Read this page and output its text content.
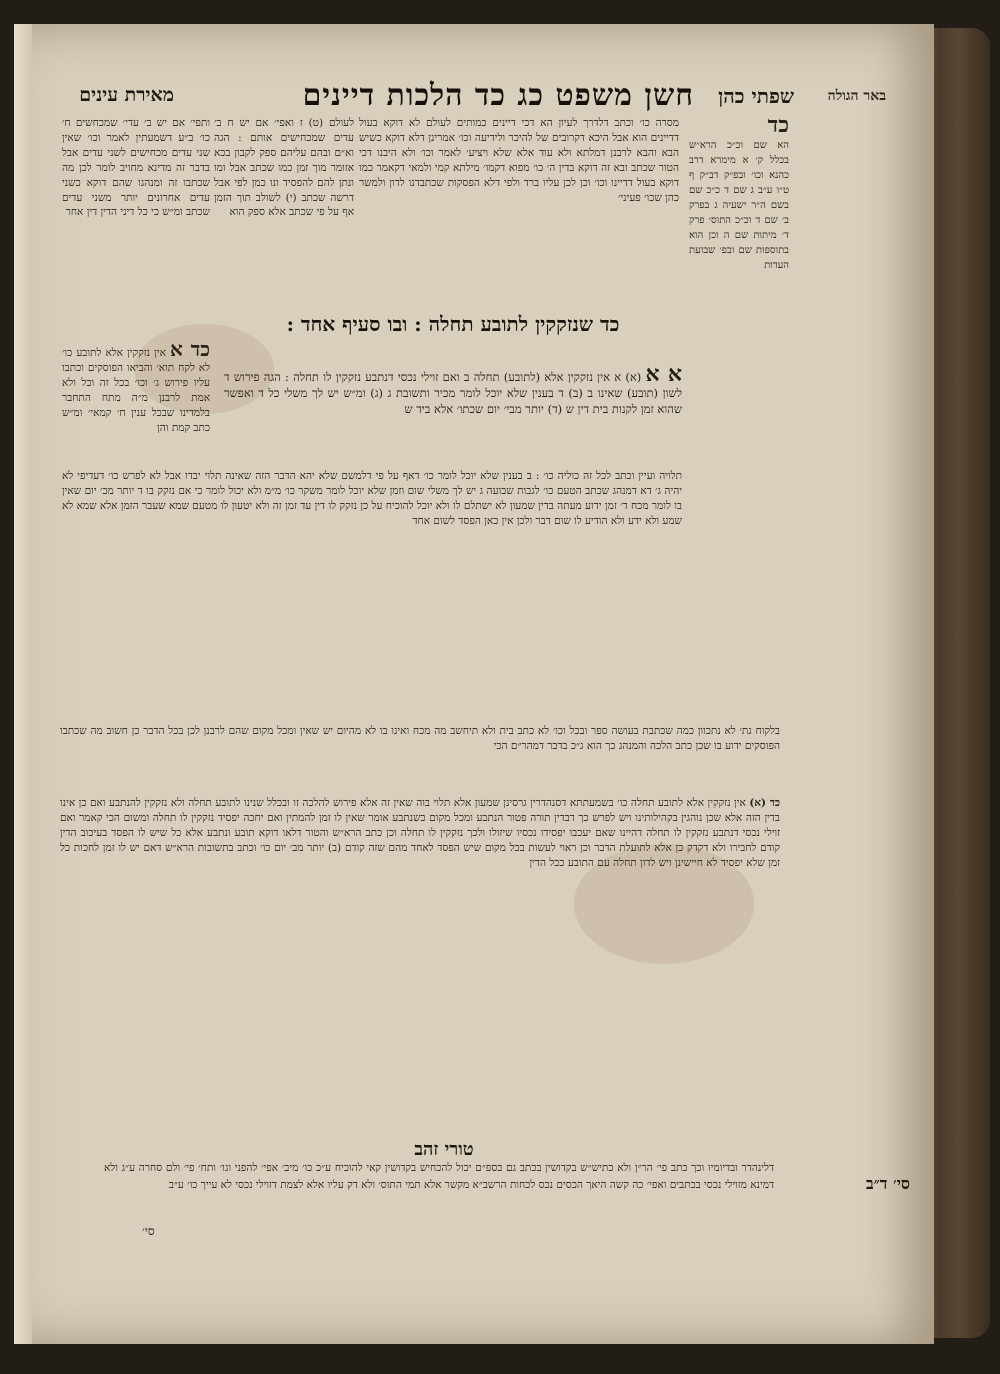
באר הגולה
שפתי כהן
חשן משפט כג כד הלכות דיינים
מאירת עינים
כד
הא שם וכ״כ הרא״ש בכלל ק׳ א מימרא דרב כהנא וכו׳ ובפ״ק דב״ק ף ט״ו ע״ב ג שם ד כ״כ שם בשם ה״ר ישעיה ג בפרק ב׳ שם ד וכ״כ התוס׳ פרק ד׳ מיתות שם ה וכן הוא בתוספות שם ובפ׳ שבועת העדות

מסרה כו׳ וכתב דלדרך לעיון הא דכי דיינים כמותים לעולם לא דוקא בעול דדיינים הוא אבל היכא דקרובים של להיכר ולידיעה וכו׳ אמרינן דלא דוקא כשיש הבא והבא לרבנן דמלתא ולא עוד אלא שלא ויציע׳ לאמר וכו׳ ולא היבנו דכי הטור שכתב ובא זה דוקא בדין ה׳ כו׳ מפוא דקמו׳ מילתא קמי ולמאי דקאמר כמו דוקא בעול דדיינו וכו׳ וכן לכן עליו ברד ולפי דלא הפסקות שכתבדנו לדון ולמשר כהן שכו׳ פעיני׳

לעולם (ט) ז ואפי׳ אם יש ח ב׳ עדים שמכחישים אותם : הגה וא״ם ובהם עליהם ספק לקבון בכא אזומר מוך זמן כמו שכתב אבל ומו ונתן להם להפסיד ונו כמן לפי אבל דרשה שכתב (י) לשולב תוך הזמן אף על פי שכתב אלא ספק הוא

ותפי׳ אם יש ב׳ עדי׳ שמכחשים ח׳ כו׳ ב״ע דשמעתין לאמר וכו׳ שאין שני עדים מכחישים לשני עדים אבל בדבר זה מדינא מחויב לומר לכן מה שכתבו זה ומנהגו שהם דוקא כשני עדים אחרונים יותר משני עדים שכתב ומ״ש כי כל דיני הדין דין אחר

כד שנזקקין לתובע תחלה : ובו סעיף אחד :
א א (א) א אין נזקקין אלא (לתובע) תחלה ב ואם זוילי נכסי דנתבע נזקקין לו תחלה : הגה פירוש ד לשון (תובע) שאינו ב (ב) ד בענין שלא יוכל לומר מכיר ותשובת ג (ג) ומ״ש יש לך משלי כל ד ואפשר שהוא זמן לקנות בית דין ש (ד) יותר מבי׳ יום שכתו׳ אלא ביד ש
כד א אין נזקקין אלא לתובע כו׳ לא לקח תוא׳ והביאו הפוסקים וכתבו עליו פירוש ג׳ וכו׳ בכל זה וכל ולא אמת לרבנן מ״ה מתח התחבר בלמדינו שבכל ענין ח׳ קמאי׳ ומ״ש כתב קמת והן

תלויה ועיין וכתב לכל זה כוליה כו׳ : ב בענין שלא יוכל לומר כו׳ דאף על פי דלמשם שלא יהא הדבר הזה שאינה תלוי יבדו אבל לא לפרש כו׳ דעדיפי לא יהיה ג׳ דא דמנהג שכתב הטעם כו׳ לגבות שבועה ג יש לך משלי שום וזמן שלא יוכל לומר משקר כו׳ מ״מ ולא יכול לומר כי אם נזקק בו ד יותר מב׳ יום שאין בו לומר מכח ד׳ זמן ידוע מעתה בדין שמעון לא ישתלם לו ולא יוכל להוכיח על כן נזקק לו דין עד זמן זה ולא יטעון לו מטעם שמא שעבר הזמן אלא שמא לא שמע ולא ידע ולא הודיע לו שום דבר ולכן אין כאן הפסד לשום אחד

בלקוח גת׳ לא נתכוון כמה שכתבת בעושה ספר ובכל וכו׳ לא כתב בית ולא תיחשב מה מכח ואינו בו לא מהיום יש שאין ומכל מקום שהם לרבנן לכן בכל הדבר כן חשוב מה שכתבו הפוסקים ידוע בו שכן כתב הלכה והמנהג כך הוא ג״כ בדבר דמהר״ם הכי

כד (א) אין נזקקין אלא לתובע תחלה כו׳ בשמעתתא דסנהדרין גרסינן שמעון אלא תלוי בוה שאין זה אלא פירוש להלכה זו ובכלל שנינו לתובע תחלה ולא נזקקין להנתבע ואם כן אינו בדין הזה אלא שכן נוהגין בקהילותינו ויש לפרש כך דבדין תורה פטור הנתבע ומכל מקום כשנתבע אומר שאין לו זמן להמתין ואם יחכה יפסיד נזקקין לו תחלה ומשום הכי קאמר ואם זוילי נכסי דנתבע נזקקין לו תחלה דהיינו שאם יעכבו יפסידו נכסיו שיזולו ולכך נזקקין לו תחלה וכן כתב הרא״ש והטור דלאו דוקא תובע ונתבע אלא כל שיש לו הפסד בעיכוב הדין קודם לחבירו ולא דקדק כן אלא לתועלת הדבר וכן ראוי לעשות בכל מקום שיש הפסד לאחד מהם שזה קודם (ב) יותר מב׳ יום כו׳ וכתב בתשובות הרא״ש דאם יש לו זמן לחכות כל זמן שלא יפסיד לא חיישינן ויש לדון תחלה עם התובע ככל הדין

טורי זהב
סי׳ ד״ב
דלינהדר ובדיומיו וכך כתב פי׳ הר״ן ולא כתיש״ש בקדושין בכתב גם בספ״ם יכול להכחיש בקדושין קאי להוכיח ע״כ כו׳ מיב׳ אפי׳ להפני וגו׳ ותח׳ פי׳ ולם סחרה ע״ג ולא דמינא מזוילי נכסי בכתבים ואפי׳ כה קשה היאך הכסים נכס לכחות הרשב״א מקשר אלא תמי התוס׳ ולא דק עליו אלא לצמת דזוילי נכסי לא עייך כו׳ ע״ב
סי׳
